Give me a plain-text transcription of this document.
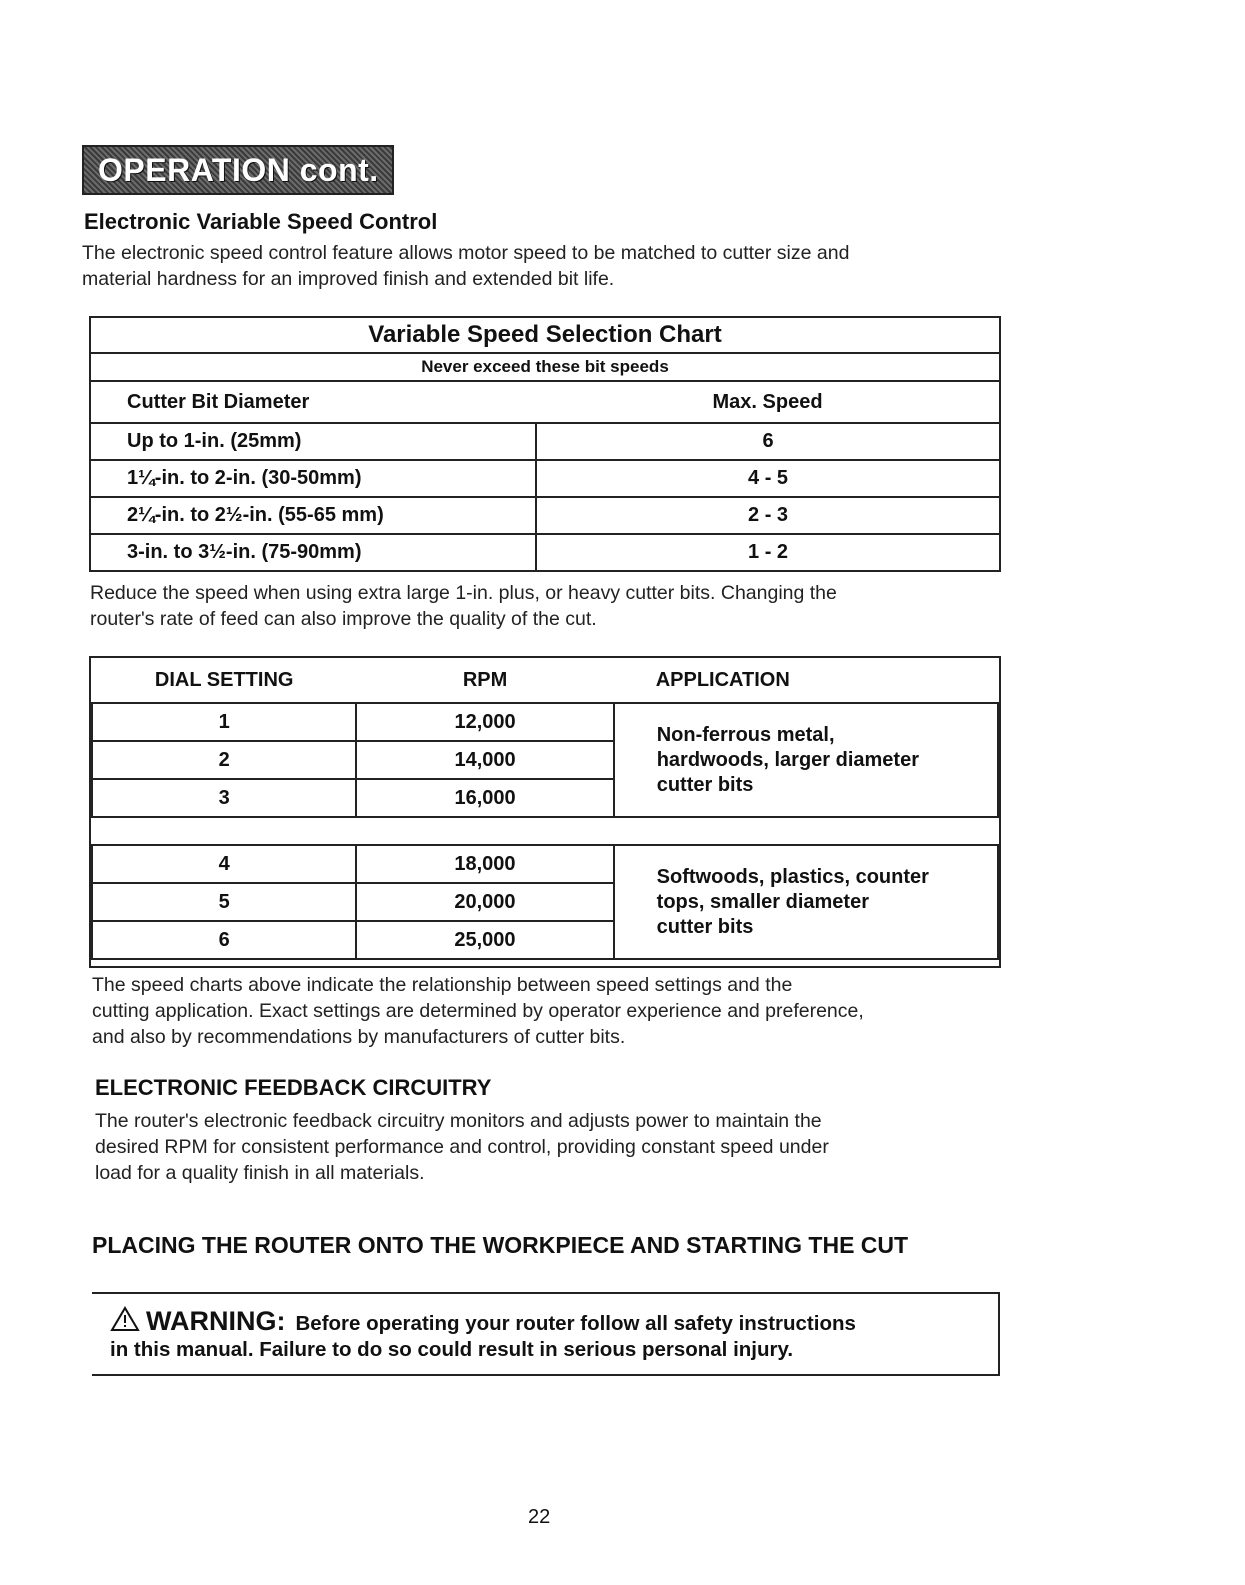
OPERATION cont.
Electronic Variable Speed Control

The electronic speed control feature allows motor speed to be matched to cutter size and

material hardness for an improved finish and extended bit life.

Variable Speed Selection Chart	
Never exceed these bit speeds	
Cutter Bit Diameter	Max. Speed
Up to 1-in. (25mm)	6
1¼-in. to 2-in. (30-50mm)	4 - 5
2¼-in. to 2½-in. (55-65 mm)	2 - 3
3-in. to 3½-in. (75-90mm)	1 - 2

Reduce the speed when using extra large 1-in. plus, or heavy cutter bits. Changing the

router's rate of feed can also improve the quality of the cut.

DIAL SETTING	RPM	APPLICATION
1	12,000	Non-ferrous metal,
hardwoods, larger diameter
cutter bits

2	14,000	
3	16,000	
4	18,000	Softwoods, plastics, counter
tops, smaller diameter
cutter bits

5	20,000	
6	25,000	

The speed charts above indicate the relationship between speed settings and the

cutting application. Exact settings are determined by operator experience and preference,

and also by recommendations by manufacturers of cutter bits.

ELECTRONIC FEEDBACK CIRCUITRY

The router's electronic feedback circuitry monitors and adjusts power to maintain the

desired RPM for consistent performance and control, providing constant speed under

load for a quality finish in all materials.

PLACING THE ROUTER ONTO THE WORKPIECE AND STARTING THE CUT
WARNING: Before operating your router follow all safety instructions
in this manual. Failure to do so could result in serious personal injury.
22
